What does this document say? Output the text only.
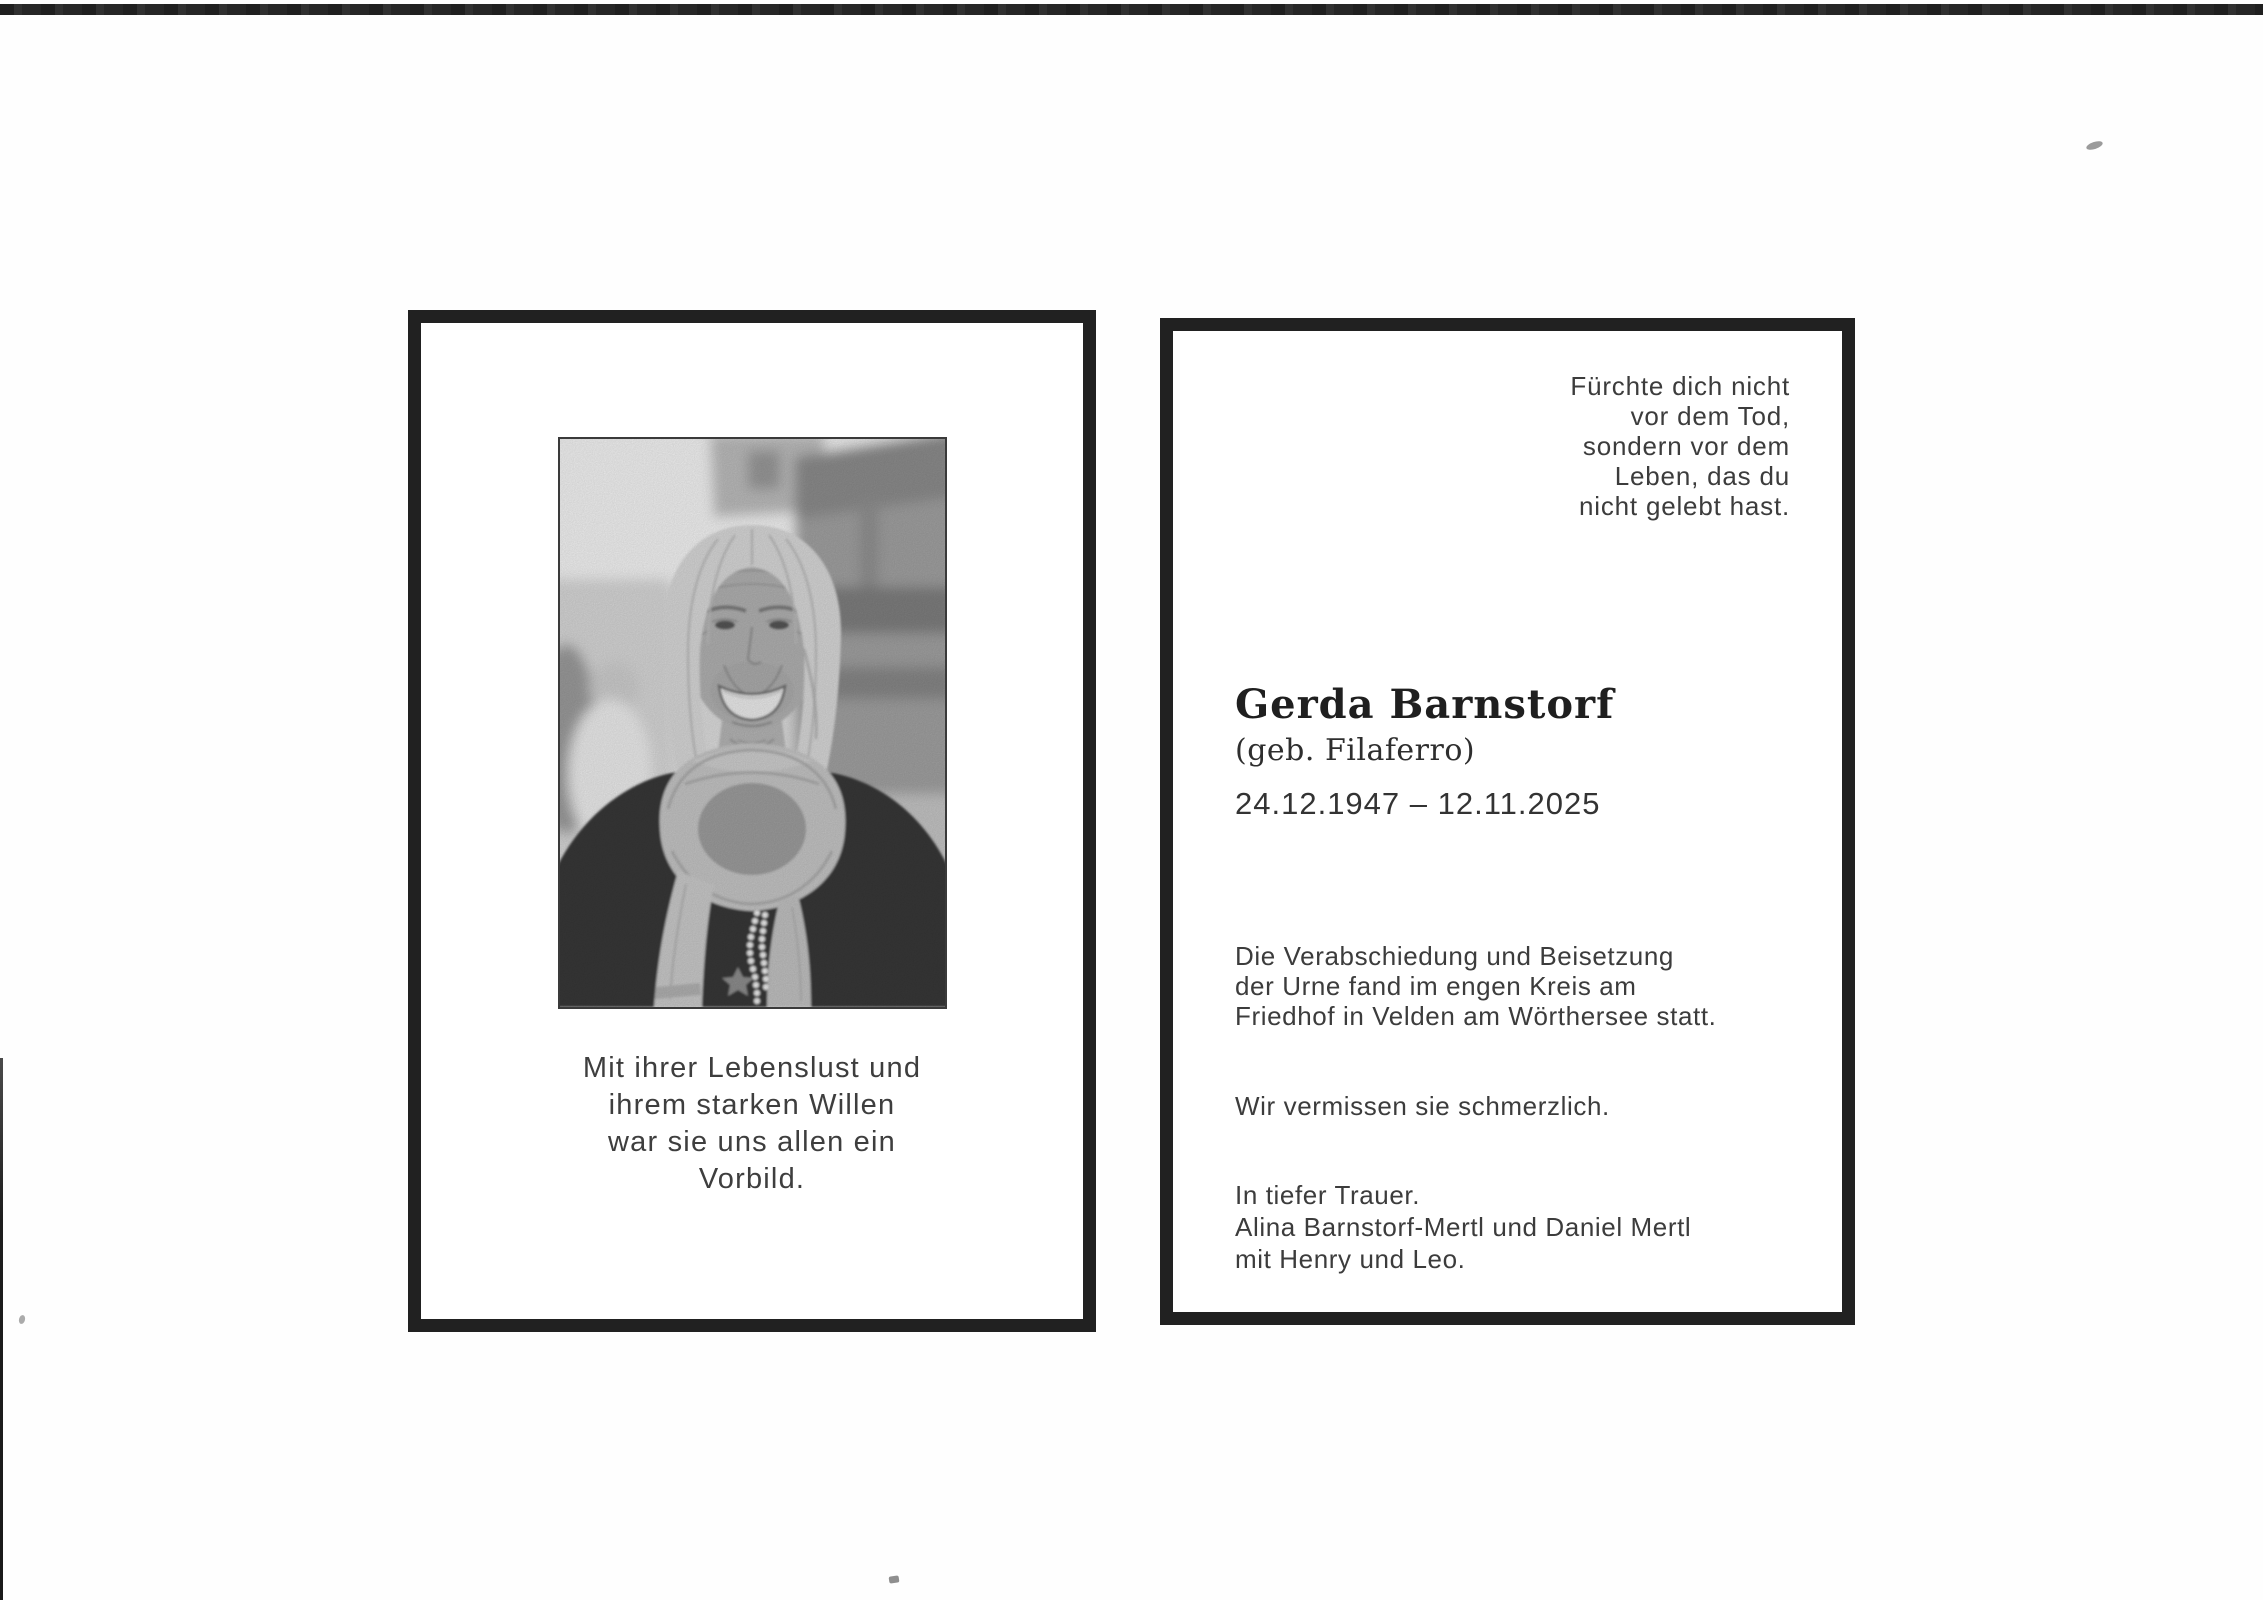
Mit ihrer Lebenslust und
ihrem starken Willen
war sie uns allen ein
Vorbild.
Fürchte dich nicht
vor dem Tod,
sondern vor dem
Leben, das du
nicht gelebt hast.
Gerda Barnstorf
(geb. Filaferro)
24.12.1947 – 12.11.2025
Die Verabschiedung und Beisetzung
der Urne fand im engen Kreis am
Friedhof in Velden am Wörthersee statt.
Wir vermissen sie schmerzlich.
In tiefer Trauer.
Alina Barnstorf-Mertl und Daniel Mertl
mit Henry und Leo.
